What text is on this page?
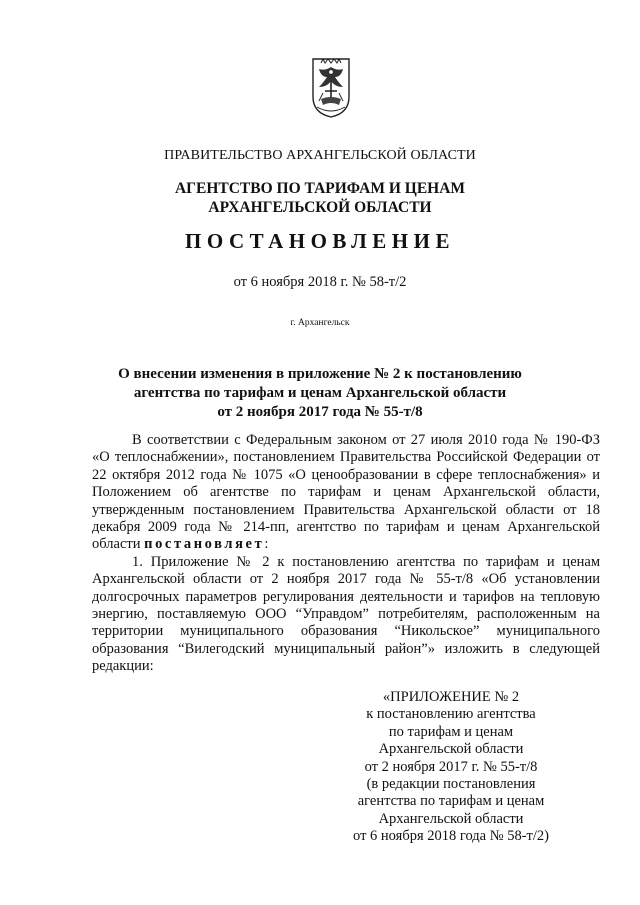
ПРАВИТЕЛЬСТВО АРХАНГЕЛЬСКОЙ ОБЛАСТИ
АГЕНТСТВО ПО ТАРИФАМ И ЦЕНАМ
АРХАНГЕЛЬСКОЙ ОБЛАСТИ
ПОСТАНОВЛЕНИЕ
от 6 ноября 2018 г. № 58-т/2
г. Архангельск
О внесении изменения в приложение № 2 к постановлению
агентства по тарифам и ценам Архангельской области
от 2 ноября 2017 года № 55-т/8

В соответствии с Федеральным законом от 27 июля 2010 года № 190-ФЗ «О теплоснабжении», постановлением Правительства Российской Федерации от 22 октября 2012 года № 1075 «О ценообразовании в сфере теплоснабжения» и Положением об агентстве по тарифам и ценам Архангельской области, утвержденным постановлением Правительства Архангельской области от 18 декабря 2009 года № 214-пп, агентство по тарифам и ценам Архангельской области постановляет:

1. Приложение № 2 к постановлению агентства по тарифам и ценам Архангельской области от 2 ноября 2017 года № 55-т/8 «Об установлении долгосрочных параметров регулирования деятельности и тарифов на тепловую энергию, поставляемую ООО “Управдом” потребителям, расположенным на территории муниципального образования “Никольское” муниципального образования “Вилегодский муниципальный район”» изложить в следующей редакции:

«ПРИЛОЖЕНИЕ № 2
к постановлению агентства
по тарифам и ценам
Архангельской области
от 2 ноября 2017 г. № 55-т/8
(в редакции постановления
агентства по тарифам и ценам
Архангельской области
от 6 ноября 2018 года № 58-т/2)
